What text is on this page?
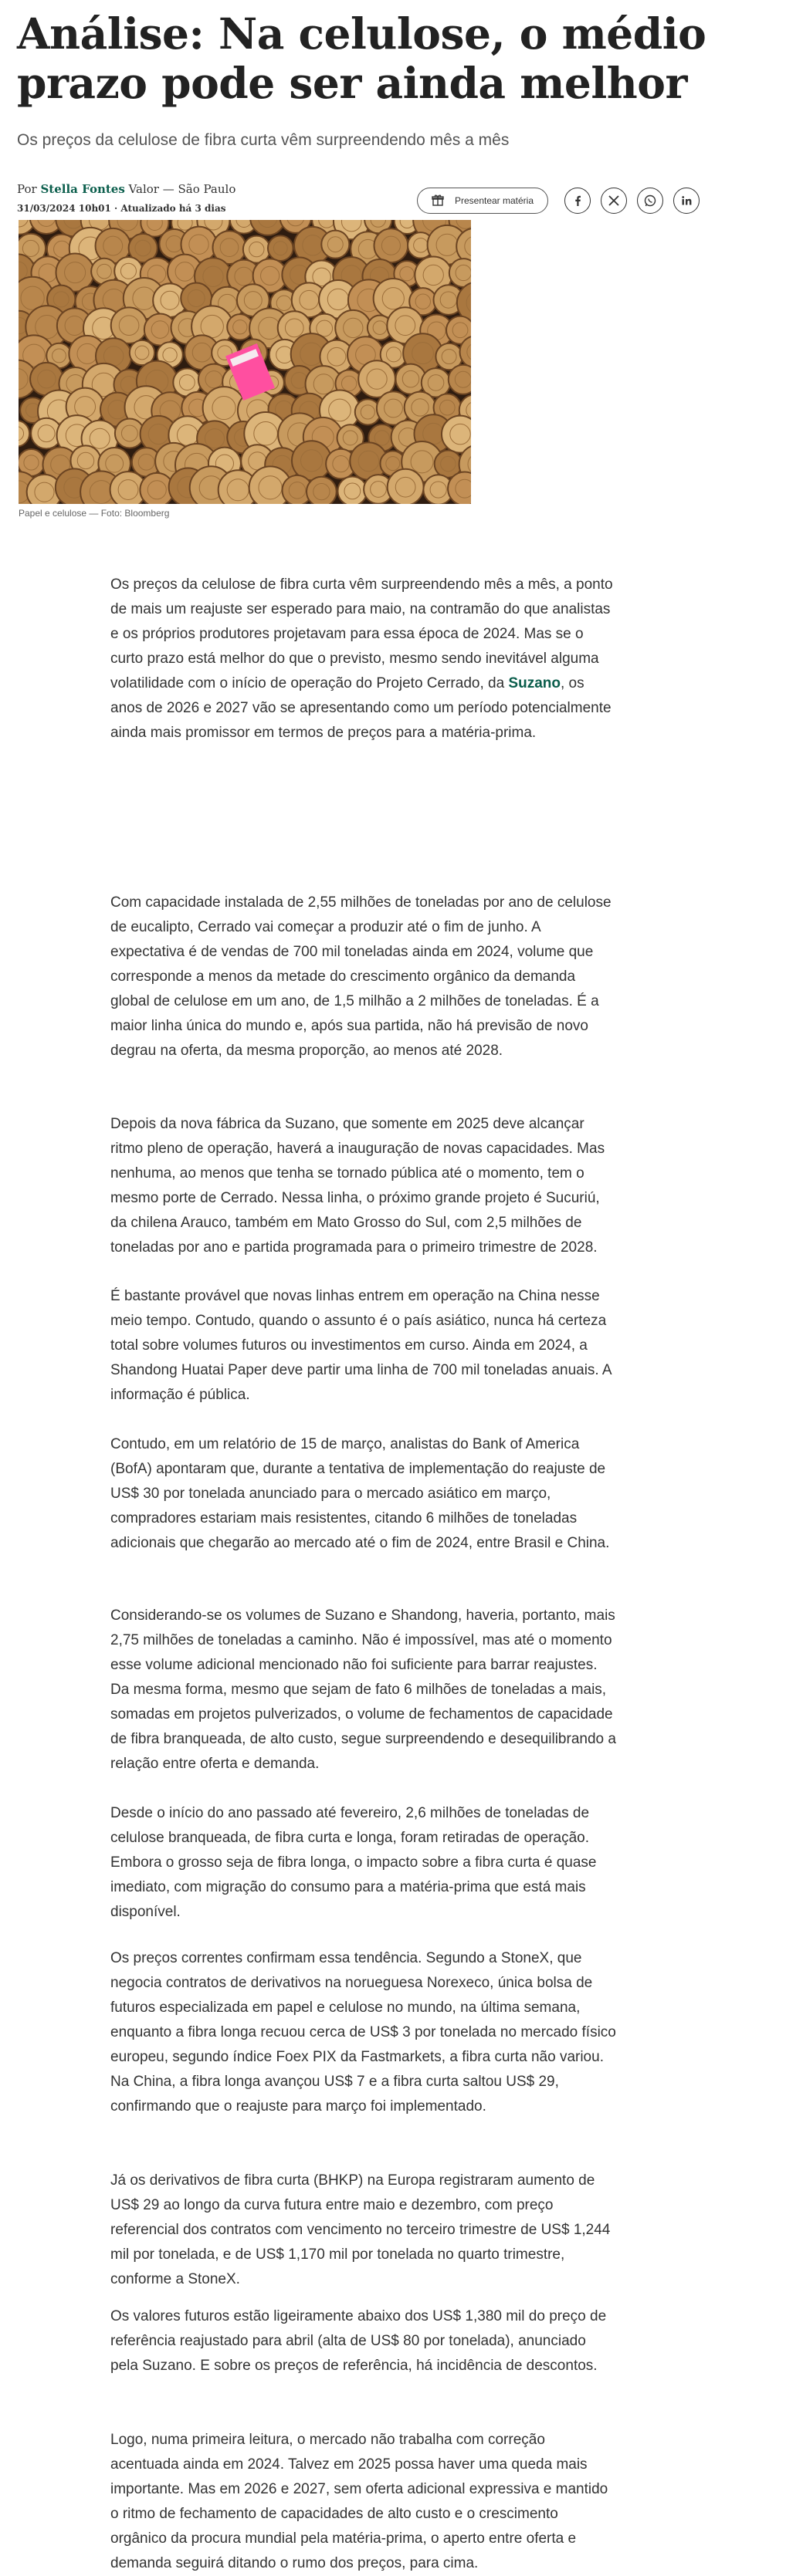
Análise: Na celulose, o médio prazo pode ser ainda melhor

Os preços da celulose de fibra curta vêm surpreendendo mês a mês

Por Stella Fontes Valor — São Paulo
31/03/2024 10h01 · Atualizado há 3 dias
Presentear matéria
Papel e celulose — Foto: Bloomberg

Os preços da celulose de fibra curta vêm surpreendendo mês a mês, a ponto de mais um reajuste ser esperado para maio, na contramão do que analistas e os próprios produtores projetavam para essa época de 2024. Mas se o curto prazo está melhor do que o previsto, mesmo sendo inevitável alguma volatilidade com o início de operação do Projeto Cerrado, da Suzano, os anos de 2026 e 2027 vão se apresentando como um período potencialmente ainda mais promissor em termos de preços para a matéria-prima.

Com capacidade instalada de 2,55 milhões de toneladas por ano de celulose de eucalipto, Cerrado vai começar a produzir até o fim de junho. A expectativa é de vendas de 700 mil toneladas ainda em 2024, volume que corresponde a menos da metade do crescimento orgânico da demanda global de celulose em um ano, de 1,5 milhão a 2 milhões de toneladas. É a maior linha única do mundo e, após sua partida, não há previsão de novo degrau na oferta, da mesma proporção, ao menos até 2028.

Depois da nova fábrica da Suzano, que somente em 2025 deve alcançar ritmo pleno de operação, haverá a inauguração de novas capacidades. Mas nenhuma, ao menos que tenha se tornado pública até o momento, tem o mesmo porte de Cerrado. Nessa linha, o próximo grande projeto é Sucuriú, da chilena Arauco, também em Mato Grosso do Sul, com 2,5 milhões de toneladas por ano e partida programada para o primeiro trimestre de 2028.

É bastante provável que novas linhas entrem em operação na China nesse meio tempo. Contudo, quando o assunto é o país asiático, nunca há certeza total sobre volumes futuros ou investimentos em curso. Ainda em 2024, a Shandong Huatai Paper deve partir uma linha de 700 mil toneladas anuais. A informação é pública.

Contudo, em um relatório de 15 de março, analistas do Bank of America (BofA) apontaram que, durante a tentativa de implementação do reajuste de US$ 30 por tonelada anunciado para o mercado asiático em março, compradores estariam mais resistentes, citando 6 milhões de toneladas adicionais que chegarão ao mercado até o fim de 2024, entre Brasil e China.

Considerando-se os volumes de Suzano e Shandong, haveria, portanto, mais 2,75 milhões de toneladas a caminho. Não é impossível, mas até o momento esse volume adicional mencionado não foi suficiente para barrar reajustes. Da mesma forma, mesmo que sejam de fato 6 milhões de toneladas a mais, somadas em projetos pulverizados, o volume de fechamentos de capacidade de fibra branqueada, de alto custo, segue surpreendendo e desequilibrando a relação entre oferta e demanda.

Desde o início do ano passado até fevereiro, 2,6 milhões de toneladas de celulose branqueada, de fibra curta e longa, foram retiradas de operação. Embora o grosso seja de fibra longa, o impacto sobre a fibra curta é quase imediato, com migração do consumo para a matéria-prima que está mais disponível.

Os preços correntes confirmam essa tendência. Segundo a StoneX, que negocia contratos de derivativos na norueguesa Norexeco, única bolsa de futuros especializada em papel e celulose no mundo, na última semana, enquanto a fibra longa recuou cerca de US$ 3 por tonelada no mercado físico europeu, segundo índice Foex PIX da Fastmarkets, a fibra curta não variou. Na China, a fibra longa avançou US$ 7 e a fibra curta saltou US$ 29, confirmando que o reajuste para março foi implementado.

Já os derivativos de fibra curta (BHKP) na Europa registraram aumento de US$ 29 ao longo da curva futura entre maio e dezembro, com preço referencial dos contratos com vencimento no terceiro trimestre de US$ 1,244 mil por tonelada, e de US$ 1,170 mil por tonelada no quarto trimestre, conforme a StoneX.

Os valores futuros estão ligeiramente abaixo dos US$ 1,380 mil do preço de referência reajustado para abril (alta de US$ 80 por tonelada), anunciado pela Suzano. E sobre os preços de referência, há incidência de descontos.

Logo, numa primeira leitura, o mercado não trabalha com correção acentuada ainda em 2024. Talvez em 2025 possa haver uma queda mais importante. Mas em 2026 e 2027, sem oferta adicional expressiva e mantido o ritmo de fechamento de capacidades de alto custo e o crescimento orgânico da procura mundial pela matéria-prima, o aperto entre oferta e demanda seguirá ditando o rumo dos preços, para cima.
